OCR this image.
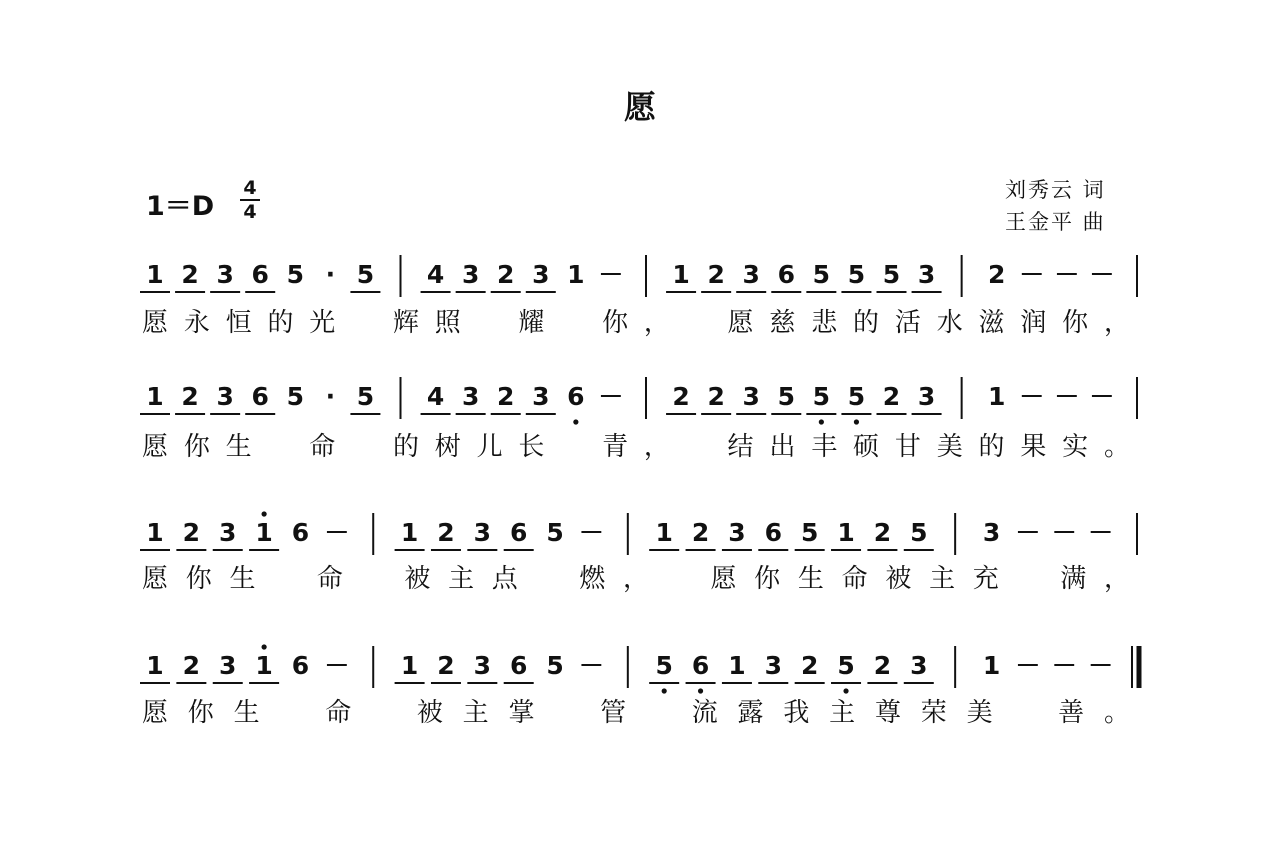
愿
刘秀云 词
王金平 曲
1＝D
4
4
1 2 3 6 5 · 5 4 3 2 3 1 － 1 2 3 6 5 5 5 3 2 － － －
愿 永 恒 的 光 辉 照 耀 你 ， 愿 慈 悲 的 活 水 滋 润 你 ，
1 2 3 6 5 · 5 4 3 2 3 6 － 2 2 3 5 5 5 2 3 1 － － －
愿 你 生 命 的 树 儿 长 青 ， 结 出 丰 硕 甘 美 的 果 实 。
1 2 3 1 6 － 1 2 3 6 5 － 1 2 3 6 5 1 2 5 3 － － －
愿 你 生 命 被 主 点 燃 ， 愿 你 生 命 被 主 充 满 ，
1 2 3 1 6 － 1 2 3 6 5 － 5 6 1 3 2 5 2 3 1 － － －
愿 你 生	命	被 主 掌	管	流 露 我 主 尊 荣 美	善 。
